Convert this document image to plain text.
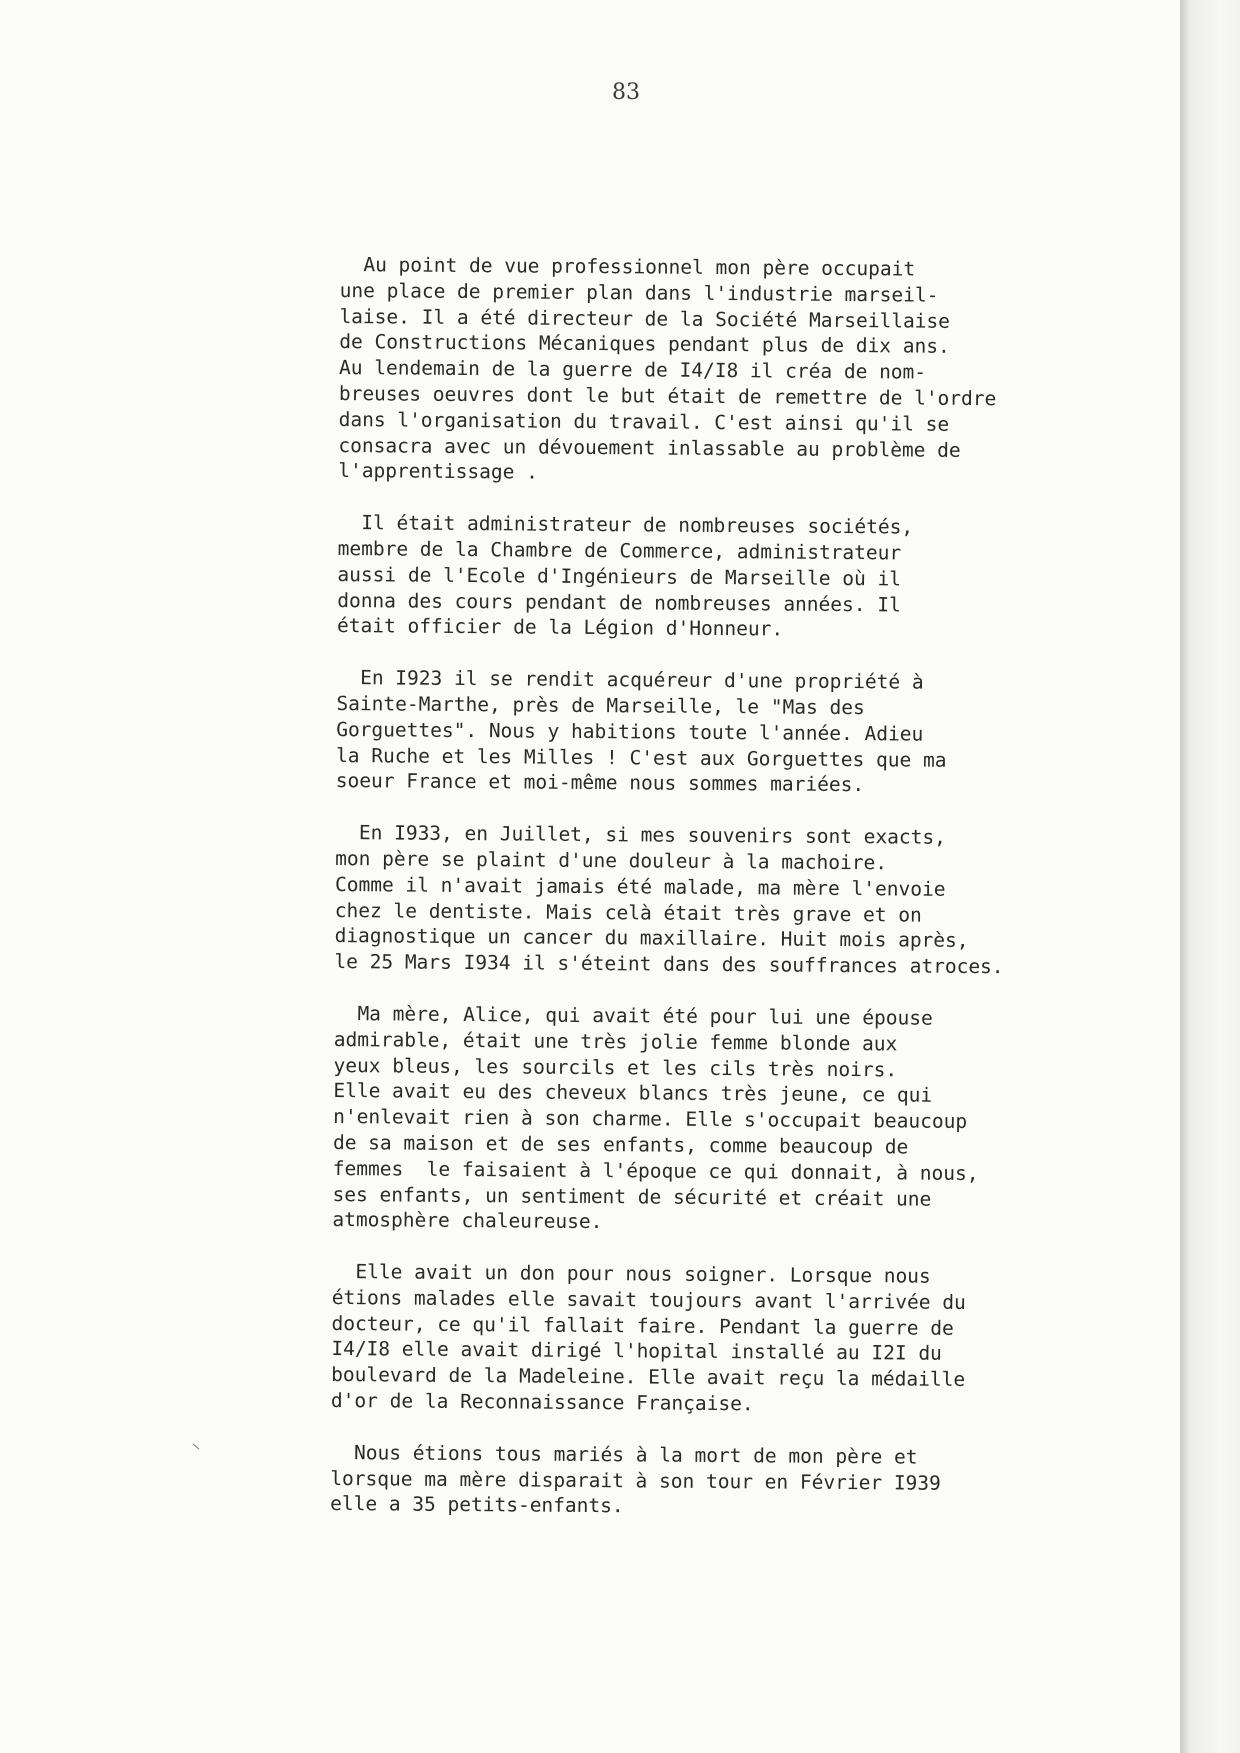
83
Au point de vue professionnel mon père occupait
une place de premier plan dans l'industrie marseil-
laise. Il a été directeur de la Société Marseillaise
de Constructions Mécaniques pendant plus de dix ans.
Au lendemain de la guerre de I4/I8 il créa de nom-
breuses oeuvres dont le but était de remettre de l'ordre
dans l'organisation du travail. C'est ainsi qu'il se
consacra avec un dévouement inlassable au problème de
l'apprentissage .
Il était administrateur de nombreuses sociétés,
membre de la Chambre de Commerce, administrateur
aussi de l'Ecole d'Ingénieurs de Marseille où il
donna des cours pendant de nombreuses années. Il
était officier de la Légion d'Honneur.
En I923 il se rendit acquéreur d'une propriété à
Sainte-Marthe, près de Marseille, le "Mas des
Gorguettes". Nous y habitions toute l'année. Adieu
la Ruche et les Milles ! C'est aux Gorguettes que ma
soeur France et moi-même nous sommes mariées.
En I933, en Juillet, si mes souvenirs sont exacts,
mon père se plaint d'une douleur à la machoire.
Comme il n'avait jamais été malade, ma mère l'envoie
chez le dentiste. Mais celà était très grave et on
diagnostique un cancer du maxillaire. Huit mois après,
le 25 Mars I934 il s'éteint dans des souffrances atroces.
Ma mère, Alice, qui avait été pour lui une épouse
admirable, était une très jolie femme blonde aux
yeux bleus, les sourcils et les cils très noirs.
Elle avait eu des cheveux blancs très jeune, ce qui
n'enlevait rien à son charme. Elle s'occupait beaucoup
de sa maison et de ses enfants, comme beaucoup de
femmes  le faisaient à l'époque ce qui donnait, à nous,
ses enfants, un sentiment de sécurité et créait une
atmosphère chaleureuse.
Elle avait un don pour nous soigner. Lorsque nous
étions malades elle savait toujours avant l'arrivée du
docteur, ce qu'il fallait faire. Pendant la guerre de
I4/I8 elle avait dirigé l'hopital installé au I2I du
boulevard de la Madeleine. Elle avait reçu la médaille
d'or de la Reconnaissance Française.
Nous étions tous mariés à la mort de mon père et
lorsque ma mère disparait à son tour en Février I939
elle a 35 petits-enfants.
